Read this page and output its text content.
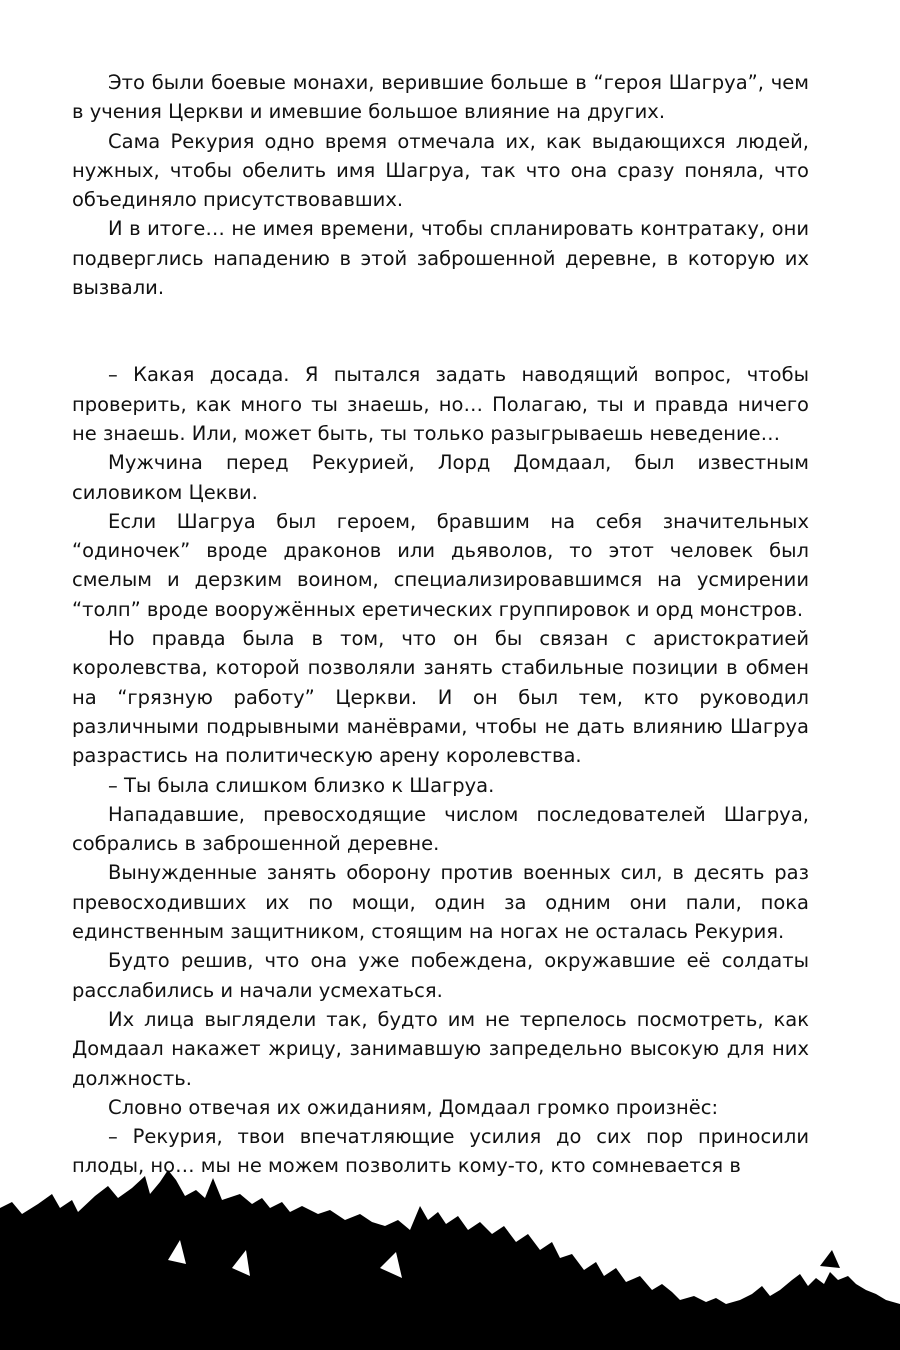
Это были боевые монахи, верившие больше в “героя Шагруа”, чем в учения Церкви и имевшие большое влияние на других.

Сама Рекурия одно время отмечала их, как выдающихся людей, нужных, чтобы обелить имя Шагруа, так что она сразу поняла, что объединяло присутствовавших.

И в итоге… не имея времени, чтобы спланировать контратаку, они подверглись нападению в этой заброшенной деревне, в которую их вызвали.

– Какая досада. Я пытался задать наводящий вопрос, чтобы проверить, как много ты знаешь, но… Полагаю, ты и правда ничего не знаешь. Или, может быть, ты только разыгрываешь неведение…

Мужчина перед Рекурией, Лорд Домдаал, был известным силовиком Цекви.

Если Шагруа был героем, бравшим на себя значительных “одиночек” вроде драконов или дьяволов, то этот человек был смелым и дерзким воином, специализировавшимся на усмирении “толп” вроде вооружённых еретических группировок и орд монстров.

Но правда была в том, что он бы связан с аристократией королевства, которой позволяли занять стабильные позиции в обмен на “грязную работу” Церкви. И он был тем, кто руководил различными подрывными манёврами, чтобы не дать влиянию Шагруа разрастись на политическую арену королевства.

– Ты была слишком близко к Шагруа.

Нападавшие, превосходящие числом последователей Шагруа, собрались в заброшенной деревне.

Вынужденные занять оборону против военных сил, в десять раз превосходивших их по мощи, один за одним они пали, пока единственным защитником, стоящим на ногах не осталась Рекурия.

Будто решив, что она уже побеждена, окружавшие её солдаты расслабились и начали усмехаться.

Их лица выглядели так, будто им не терпелось посмотреть, как Домдаал накажет жрицу, занимавшую запредельно высокую для них должность.

Словно отвечая их ожиданиям, Домдаал громко произнёс:

– Рекурия, твои впечатляющие усилия до сих пор приносили плоды, но… мы не можем позволить кому-то, кто сомневается в
